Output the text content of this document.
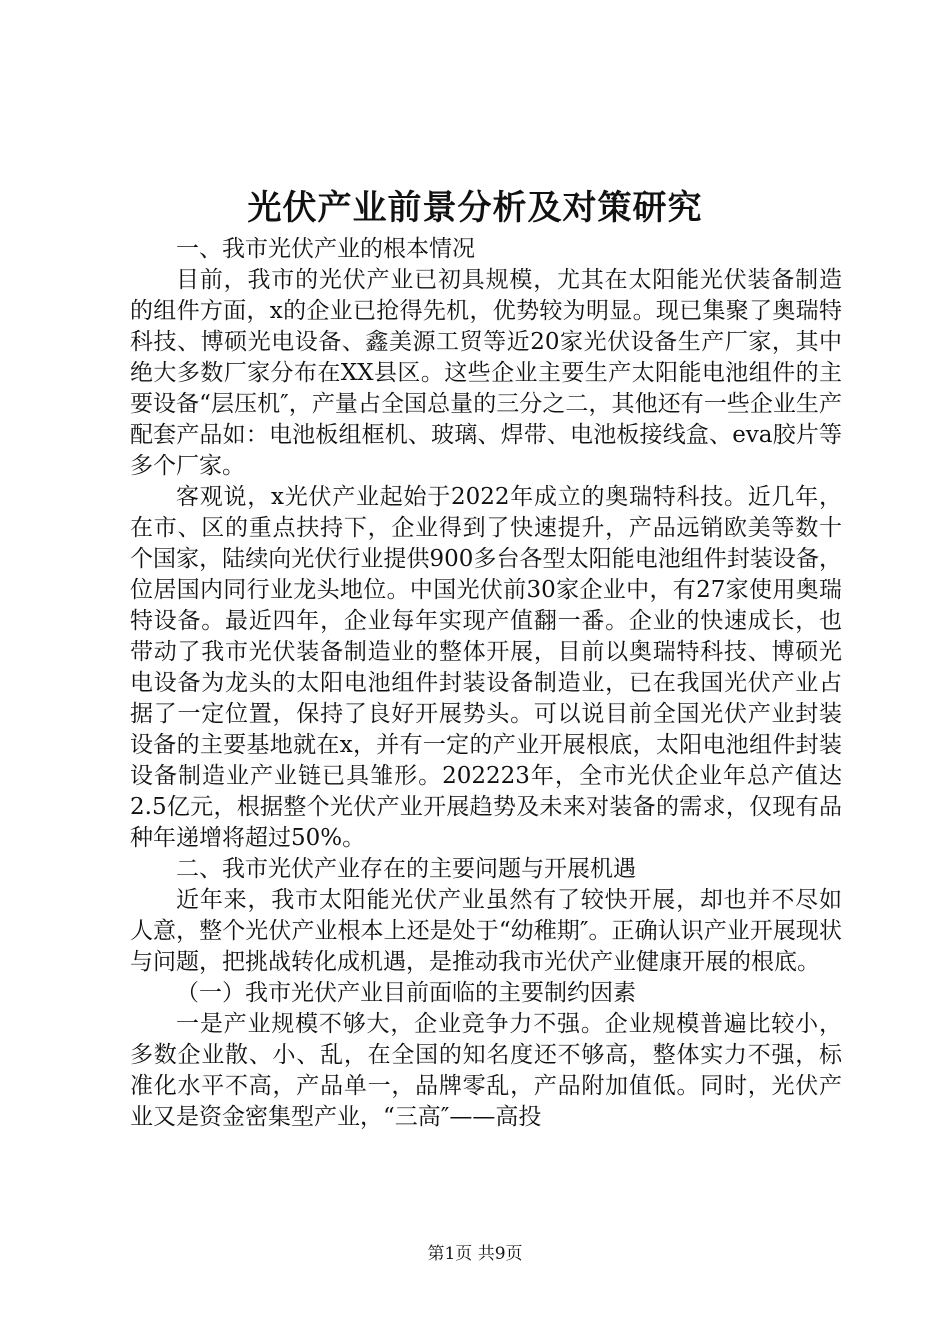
光伏产业前景分析及对策研究

一、我市光伏产业的根本情况

目前，我市的光伏产业已初具规模，尤其在太阳能光伏装备制造的组件方面，x的企业已抢得先机，优势较为明显。现已集聚了奥瑞特科技、博硕光电设备、鑫美源工贸等近20家光伏设备生产厂家，其中绝大多数厂家分布在XX县区。这些企业主要生产太阳能电池组件的主要设备“层压机″，产量占全国总量的三分之二，其他还有一些企业生产配套产品如：电池板组框机、玻璃、焊带、电池板接线盒、eva胶片等多个厂家。

客观说，x光伏产业起始于2022年成立的奥瑞特科技。近几年，在市、区的重点扶持下，企业得到了快速提升，产品远销欧美等数十个国家，陆续向光伏行业提供900多台各型太阳能电池组件封装设备，位居国内同行业龙头地位。中国光伏前30家企业中，有27家使用奥瑞特设备。最近四年，企业每年实现产值翻一番。企业的快速成长，也带动了我市光伏装备制造业的整体开展，目前以奥瑞特科技、博硕光电设备为龙头的太阳电池组件封装设备制造业，已在我国光伏产业占据了一定位置，保持了良好开展势头。可以说目前全国光伏产业封装设备的主要基地就在x，并有一定的产业开展根底，太阳电池组件封装设备制造业产业链已具雏形。202223年，全市光伏企业年总产值达2.5亿元，根据整个光伏产业开展趋势及未来对装备的需求，仅现有品种年递增将超过50%。

二、我市光伏产业存在的主要问题与开展机遇

近年来，我市太阳能光伏产业虽然有了较快开展，却也并不尽如人意，整个光伏产业根本上还是处于“幼稚期″。正确认识产业开展现状与问题，把挑战转化成机遇，是推动我市光伏产业健康开展的根底。

（一）我市光伏产业目前面临的主要制约因素

一是产业规模不够大，企业竞争力不强。企业规模普遍比较小，多数企业散、小、乱，在全国的知名度还不够高，整体实力不强，标准化水平不高，产品单一，品牌零乱，产品附加值低。同时，光伏产业又是资金密集型产业，“三高″——高投

第1页 共9页
